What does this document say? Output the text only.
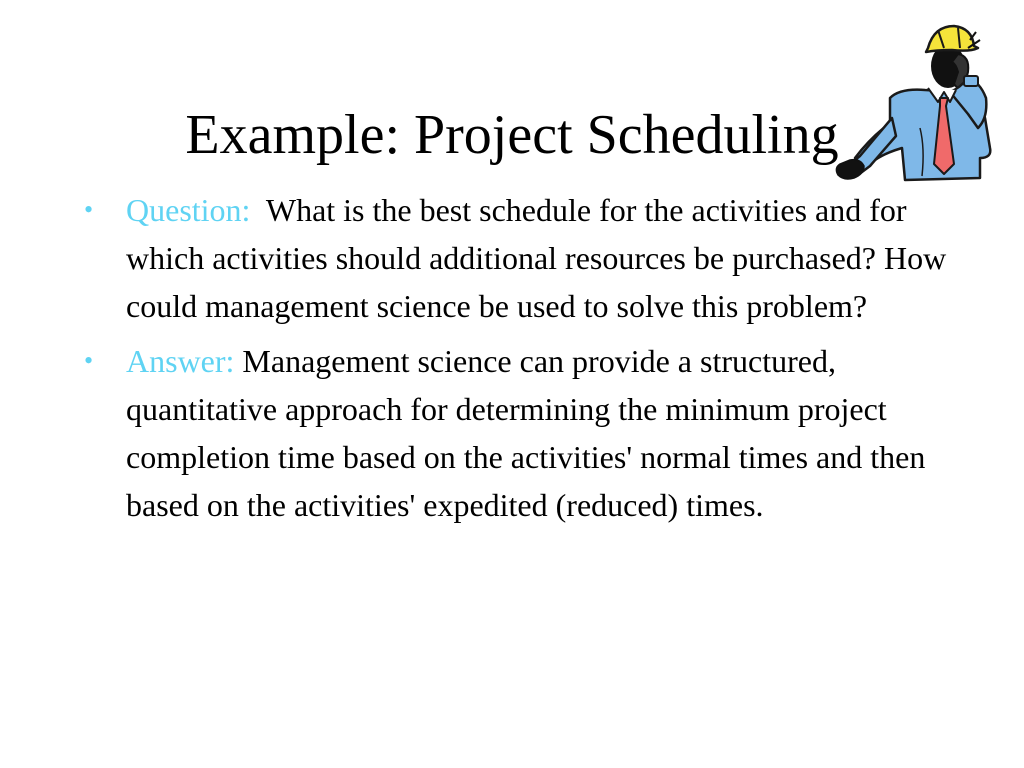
Example: Project Scheduling
• Question:  What is the best schedule for the activities and for which activities should additional resources be purchased? How could management science be used to solve this problem?
• Answer: Management science can provide a structured, quantitative approach for determining the minimum project completion time based on the activities' normal times and then based on the activities' expedited (reduced) times.
